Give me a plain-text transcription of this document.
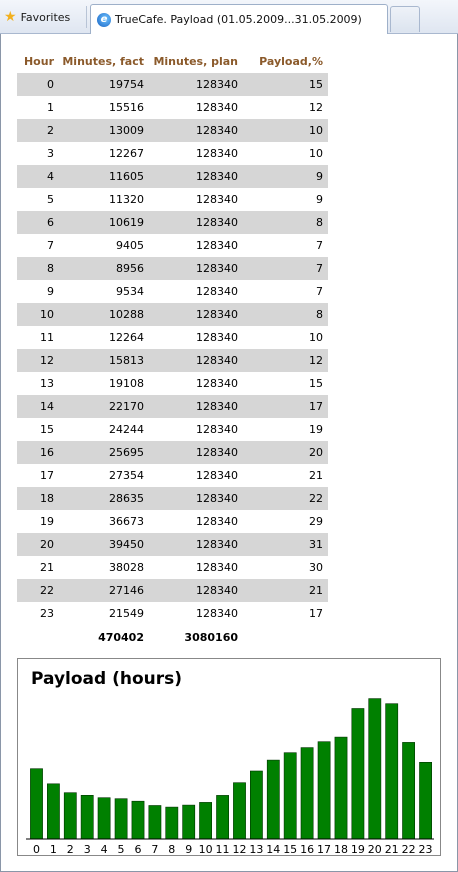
★ Favorites	e TrueCafe. Payload (01.05.2009...31.05.2009)
Hour	Minutes, fact	Minutes, plan	Payload,%
0	19754	128340	15
1	15516	128340	12
2	13009	128340	10
3	12267	128340	10
4	11605	128340	9
5	11320	128340	9
6	10619	128340	8
7	9405	128340	7
8	8956	128340	7
9	9534	128340	7
10	10288	128340	8
11	12264	128340	10
12	15813	128340	12
13	19108	128340	15
14	22170	128340	17
15	24244	128340	19
16	25695	128340	20
17	27354	128340	21
18	28635	128340	22
19	36673	128340	29
20	39450	128340	31
21	38028	128340	30
22	27146	128340	21
23	21549	128340	17
	470402	3080160	
Payload (hours)
0 1 2 3 4 5 6 7 8 9 10 11 12 13 14 15 16 17 18 19 20 21 22 23
